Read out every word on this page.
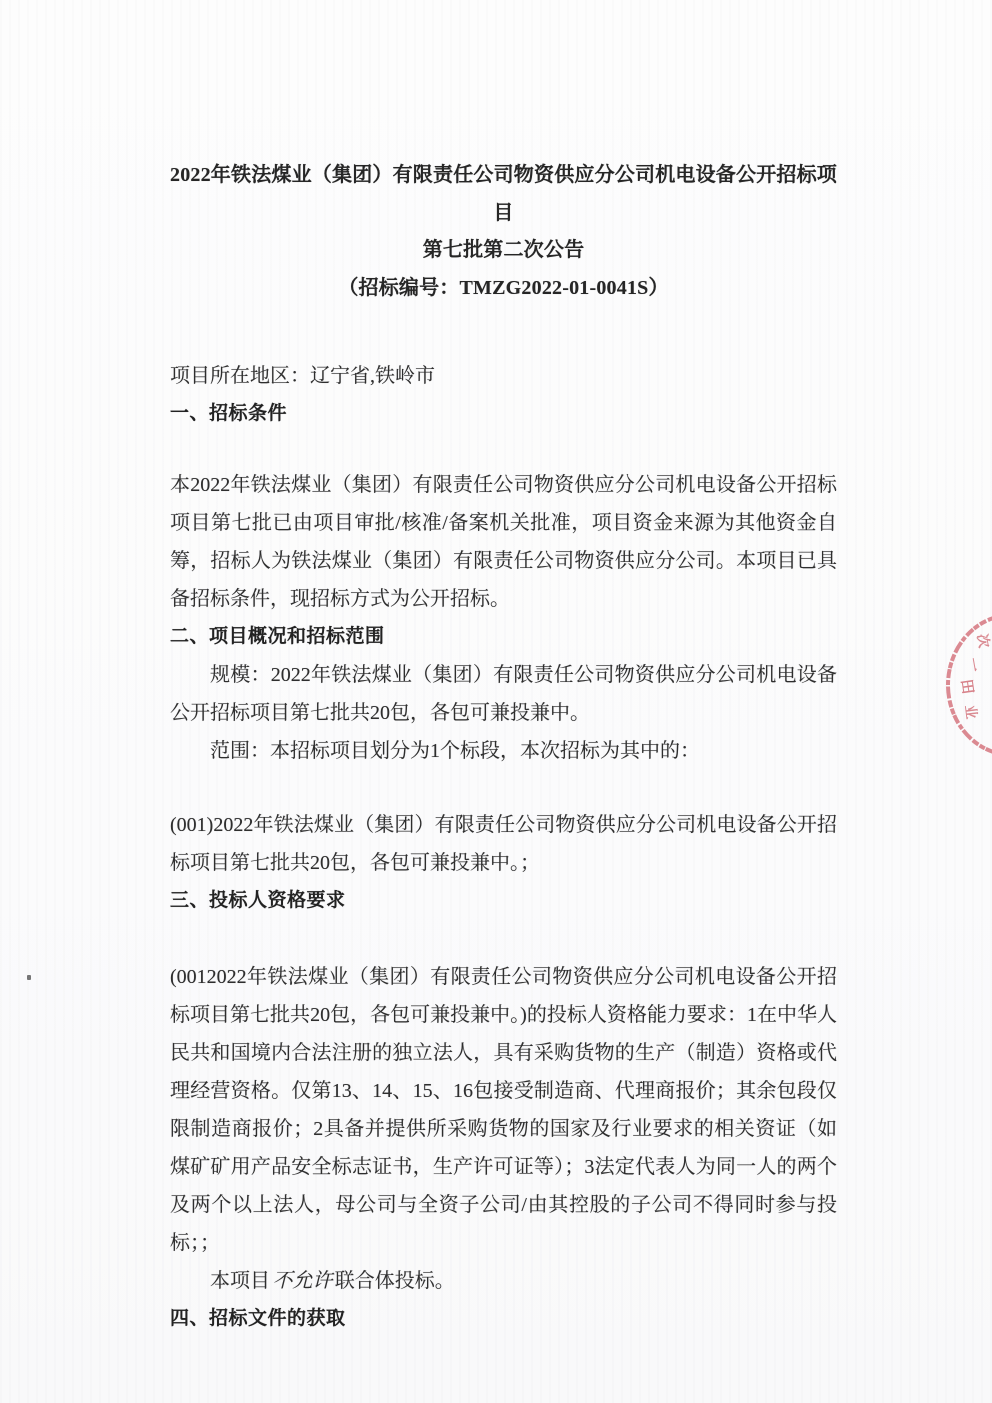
2022年铁法煤业（集团）有限责任公司物资供应分公司机电设备公开招标项目
第七批第二次公告
（招标编号：TMZG2022-01-0041S）
项目所在地区：辽宁省,铁岭市
一、招标条件

本2022年铁法煤业（集团）有限责任公司物资供应分公司机电设备公开招标项目第七批已由项目审批/核准/备案机关批准，项目资金来源为其他资金自筹，招标人为铁法煤业（集团）有限责任公司物资供应分公司。本项目已具备招标条件，现招标方式为公开招标。

二、项目概况和招标范围

规模：2022年铁法煤业（集团）有限责任公司物资供应分公司机电设备公开招标项目第七批共20包，各包可兼投兼中。

范围：本招标项目划分为1个标段，本次招标为其中的：

(001)2022年铁法煤业（集团）有限责任公司物资供应分公司机电设备公开招标项目第七批共20包，各包可兼投兼中。；

三、投标人资格要求

(0012022年铁法煤业（集团）有限责任公司物资供应分公司机电设备公开招标项目第七批共20包，各包可兼投兼中。)的投标人资格能力要求：1在中华人民共和国境内合法注册的独立法人，具有采购货物的生产（制造）资格或代理经营资格。仅第13、14、15、16包接受制造商、代理商报价；其余包段仅限制造商报价；2具备并提供所采购货物的国家及行业要求的相关资证（如煤矿矿用产品安全标志证书，生产许可证等）；3法定代表人为同一人的两个及两个以上法人，母公司与全资子公司/由其控股的子公司不得同时参与投标；；

本项目 不允许 联合体投标。

四、招标文件的获取
次
一
田
业
